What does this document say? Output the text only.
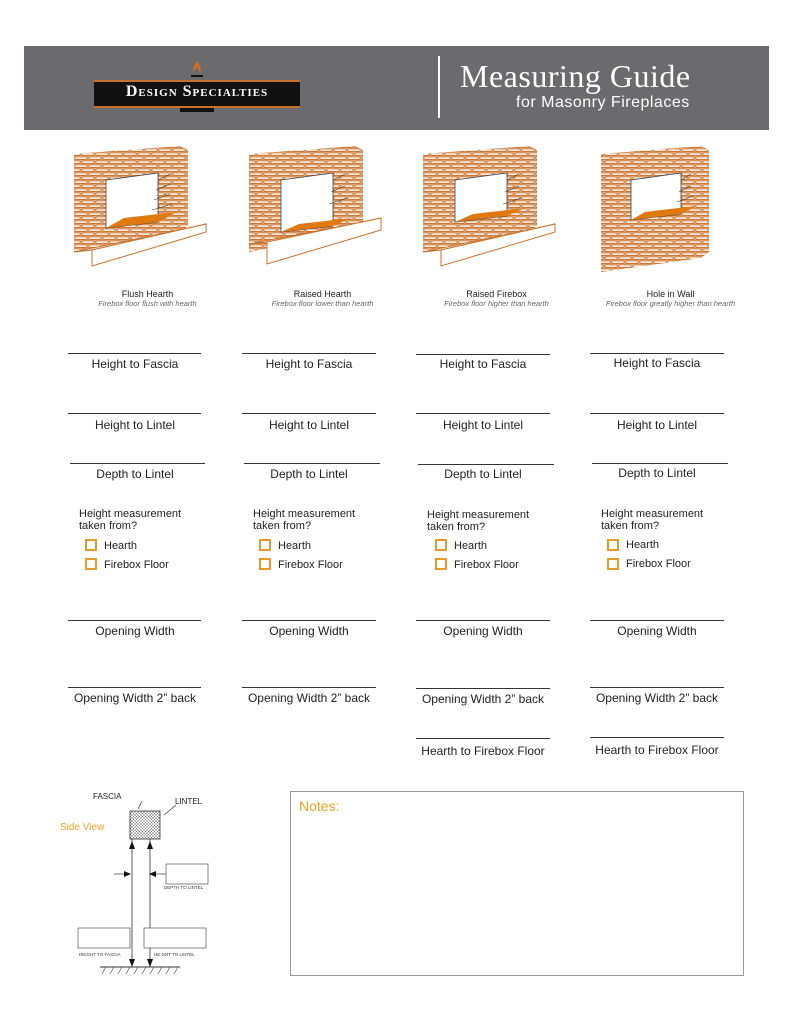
Design Specialties	Measuring Guide
for Masonry Fireplaces
Flush Hearth
Firebox floor flush with hearth
Raised Hearth
Firebox floor lower than hearth
Raised Firebox
Firebox floor higher than hearth
Hole in Wall
Firebox floor greatly higher than hearth
Height to Fascia
Height to Lintel
Depth to Lintel
Height measurement
taken from?
Hearth
Firebox Floor
Opening Width
Opening Width 2” back
Height to Fascia
Height to Lintel
Depth to Lintel
Height measurement
taken from?
Hearth
Firebox Floor
Opening Width
Opening Width 2” back
Height to Fascia
Height to Lintel
Depth to Lintel
Height measurement
taken from?
Hearth
Firebox Floor
Opening Width
Opening Width 2” back
Hearth to Firebox Floor
Height to Fascia
Height to Lintel
Depth to Lintel
Height measurement
taken from?
Hearth
Firebox Floor
Opening Width
Opening Width 2” back
Hearth to Firebox Floor
FASCIA
LINTEL
Side View
DEPTH TO LINTEL
HEIGHT TO FASCIA	HE GHT TO LINTEL
Notes:
